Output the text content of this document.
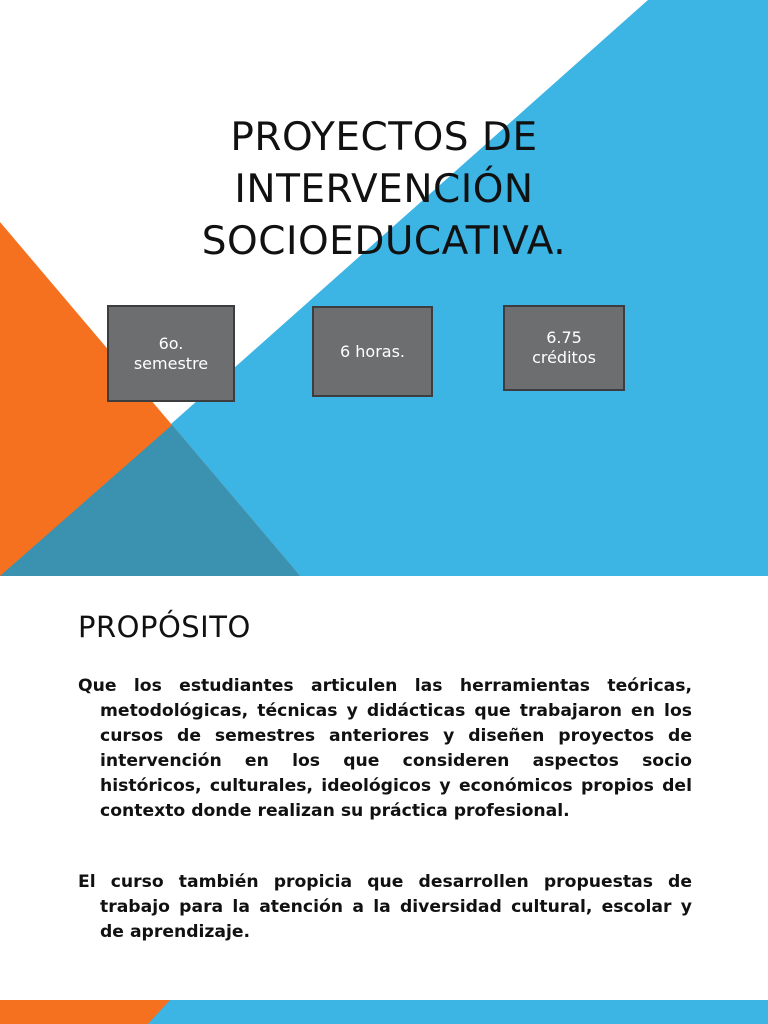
PROYECTOS DE
INTERVENCIÓN
SOCIOEDUCATIVA.
6o.
semestre
6 horas.
6.75
créditos
PROPÓSITO

Que los estudiantes articulen las herramientas teóricas, metodológicas, técnicas y didácticas que trabajaron en los cursos de semestres anteriores y diseñen proyectos de intervención en los que consideren aspectos socio históricos, culturales, ideológicos y económicos propios del contexto donde realizan su práctica profesional.

El curso también propicia que desarrollen propuestas de trabajo para la atención a la diversidad cultural, escolar y de aprendizaje.
